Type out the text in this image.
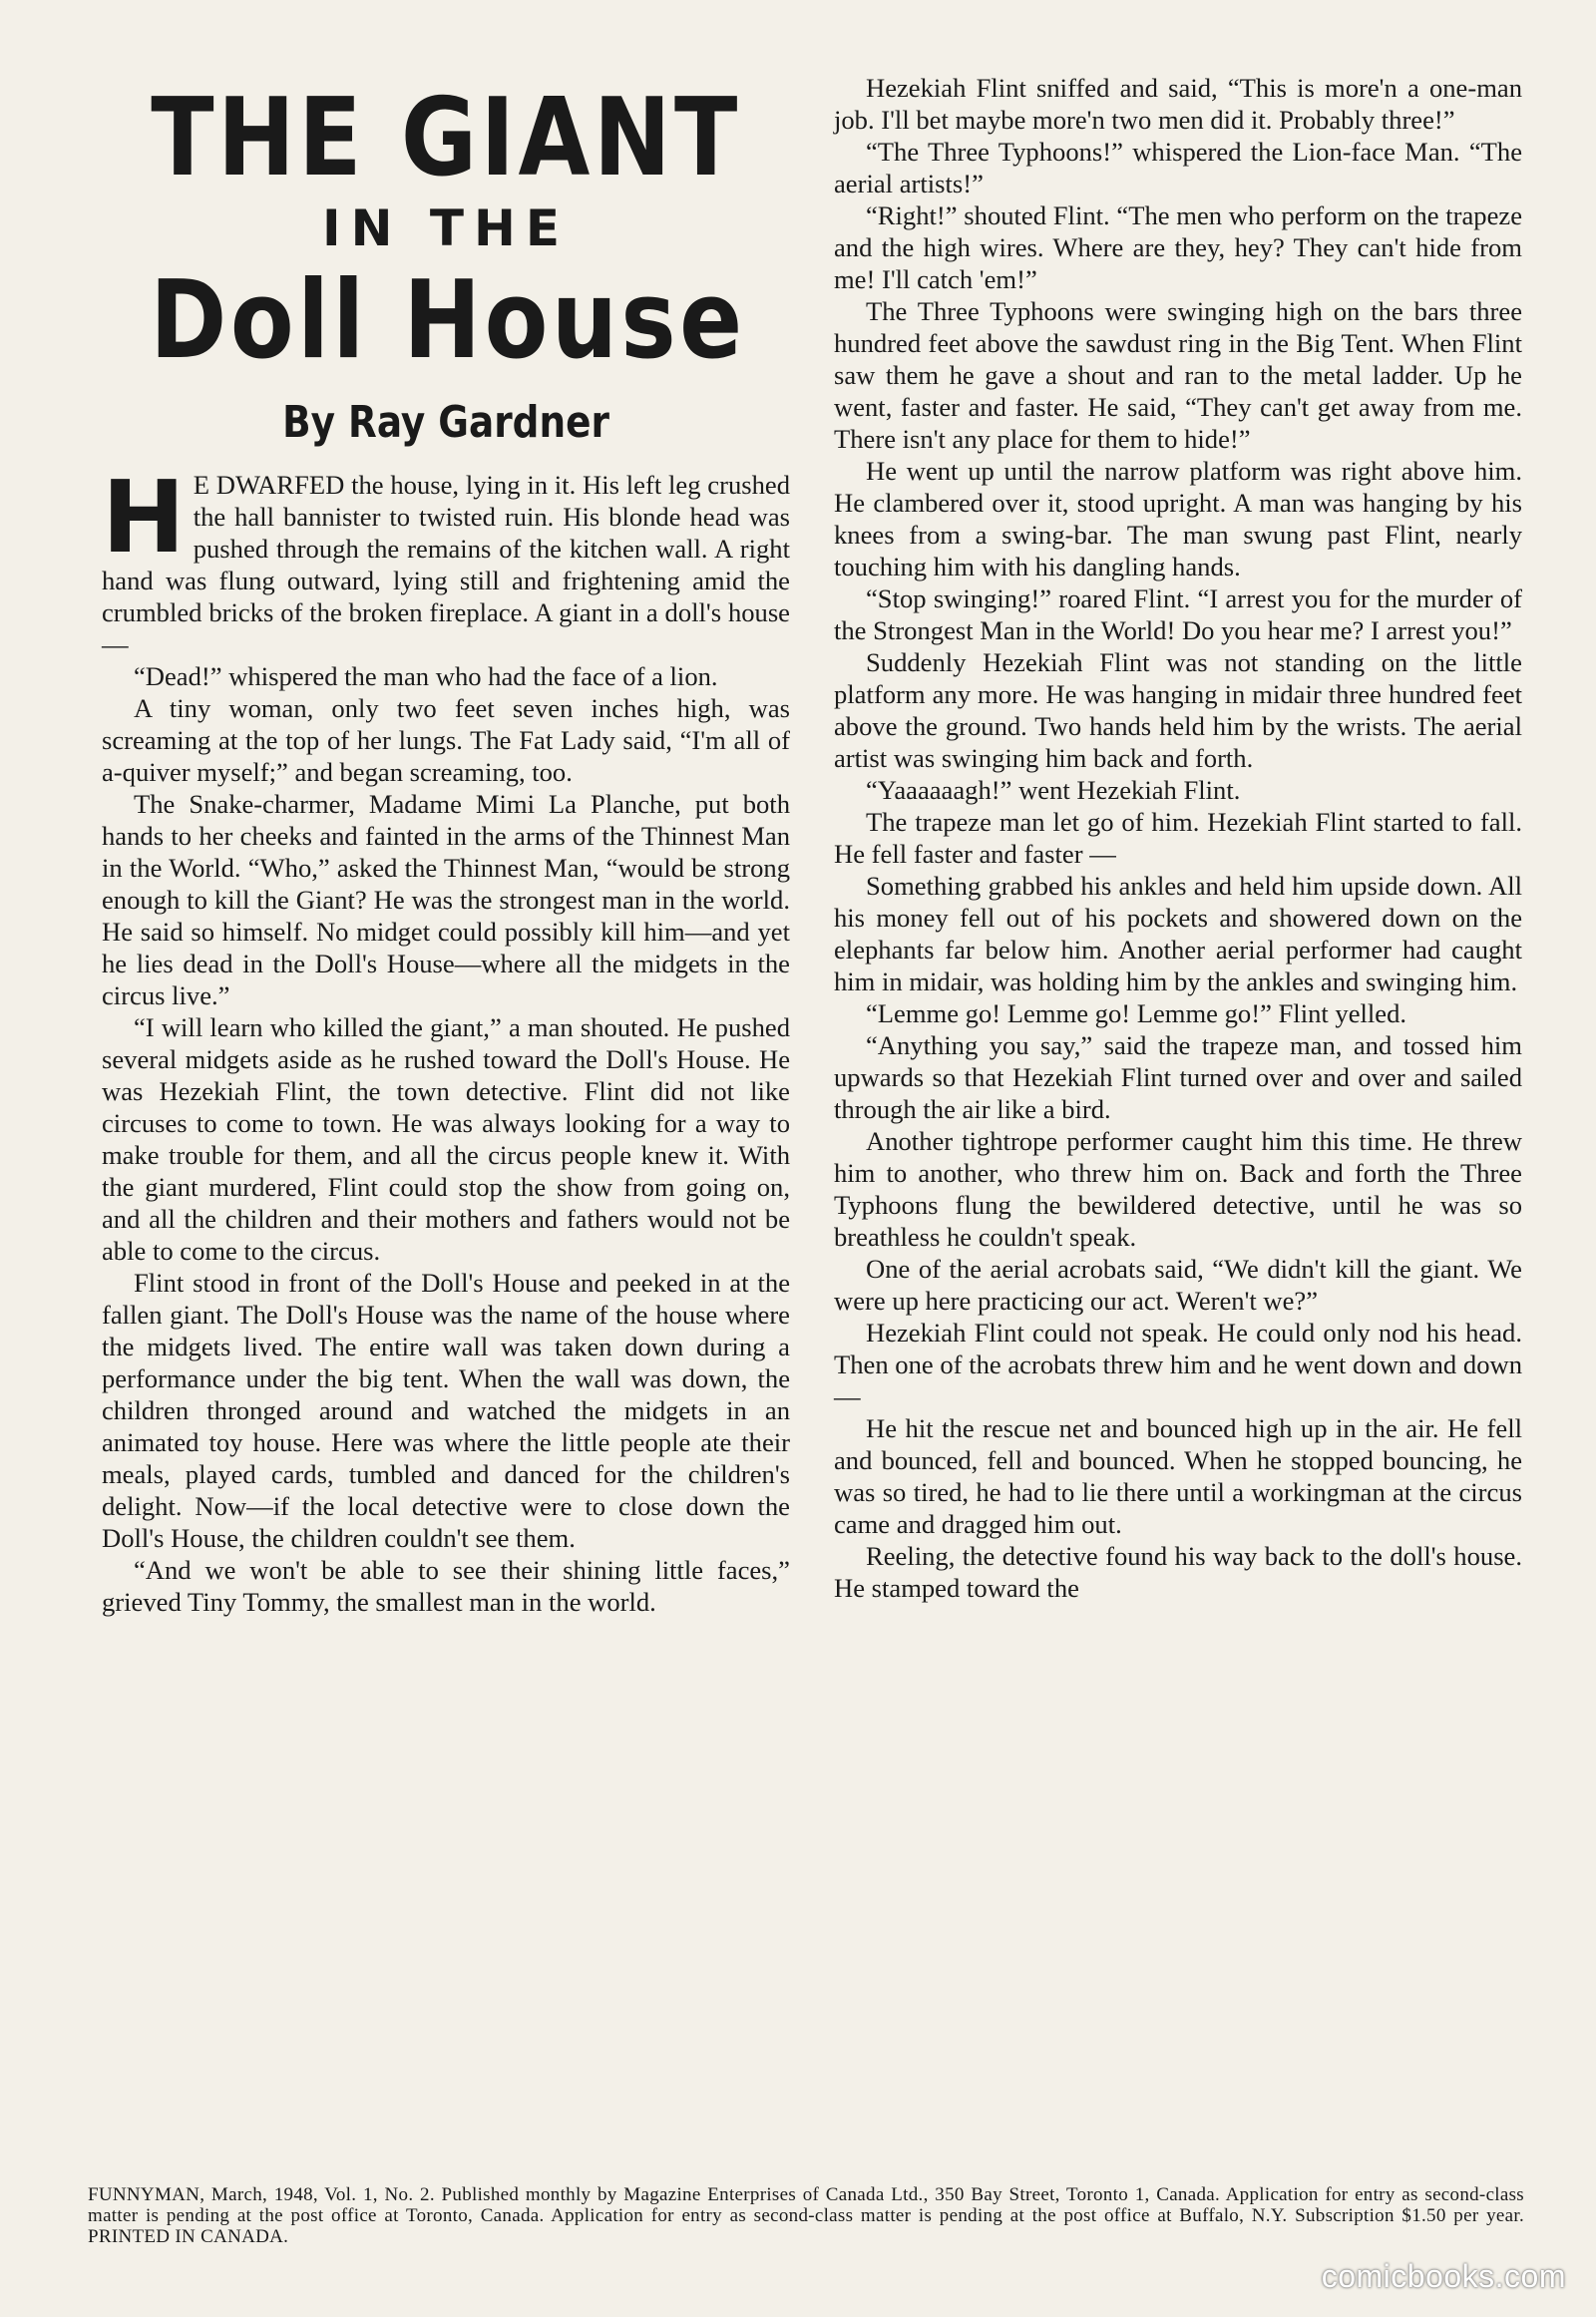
THE GIANT
IN THE
Doll House
By Ray Gardner

H E DWARFED the house, lying in it. His left leg crushed the hall bannister to twisted ruin. His blonde head was pushed through the remains of the kitchen wall. A right hand was flung outward, lying still and frightening amid the crumbled bricks of the broken fireplace. A giant in a doll's house —

“Dead!” whispered the man who had the face of a lion.

A tiny woman, only two feet seven inches high, was screaming at the top of her lungs. The Fat Lady said, “I'm all of a-quiver myself;” and began screaming, too.

The Snake-charmer, Madame Mimi La Planche, put both hands to her cheeks and fainted in the arms of the Thinnest Man in the World. “Who,” asked the Thinnest Man, “would be strong enough to kill the Giant? He was the strongest man in the world. He said so himself. No midget could possibly kill him—and yet he lies dead in the Doll's House—where all the midgets in the circus live.”

“I will learn who killed the giant,” a man shouted. He pushed several midgets aside as he rushed toward the Doll's House. He was Hezekiah Flint, the town detective. Flint did not like circuses to come to town. He was always looking for a way to make trouble for them, and all the circus people knew it. With the giant murdered, Flint could stop the show from going on, and all the children and their mothers and fathers would not be able to come to the circus.

Flint stood in front of the Doll's House and peeked in at the fallen giant. The Doll's House was the name of the house where the midgets lived. The entire wall was taken down during a performance under the big tent. When the wall was down, the children thronged around and watched the midgets in an animated toy house. Here was where the little people ate their meals, played cards, tumbled and danced for the children's delight. Now—if the local detective were to close down the Doll's House, the children couldn't see them.

“And we won't be able to see their shining little faces,” grieved Tiny Tommy, the smallest man in the world.

Hezekiah Flint sniffed and said, “This is more'n a one-man job. I'll bet maybe more'n two men did it. Probably three!”

“The Three Typhoons!” whispered the Lion-face Man. “The aerial artists!”

“Right!” shouted Flint. “The men who perform on the trapeze and the high wires. Where are they, hey? They can't hide from me! I'll catch 'em!”

The Three Typhoons were swinging high on the bars three hundred feet above the sawdust ring in the Big Tent. When Flint saw them he gave a shout and ran to the metal ladder. Up he went, faster and faster. He said, “They can't get away from me. There isn't any place for them to hide!”

He went up until the narrow platform was right above him. He clambered over it, stood upright. A man was hanging by his knees from a swing-bar. The man swung past Flint, nearly touching him with his dangling hands.

“Stop swinging!” roared Flint. “I arrest you for the murder of the Strongest Man in the World! Do you hear me? I arrest you!”

Suddenly Hezekiah Flint was not standing on the little platform any more. He was hanging in midair three hundred feet above the ground. Two hands held him by the wrists. The aerial artist was swinging him back and forth.

“Yaaaaaagh!” went Hezekiah Flint.

The trapeze man let go of him. Hezekiah Flint started to fall. He fell faster and faster —

Something grabbed his ankles and held him upside down. All his money fell out of his pockets and showered down on the elephants far below him. Another aerial performer had caught him in midair, was holding him by the ankles and swinging him.

“Lemme go! Lemme go! Lemme go!” Flint yelled.

“Anything you say,” said the trapeze man, and tossed him upwards so that Hezekiah Flint turned over and over and sailed through the air like a bird.

Another tightrope performer caught him this time. He threw him to another, who threw him on. Back and forth the Three Typhoons flung the bewildered detective, until he was so breathless he couldn't speak.

One of the aerial acrobats said, “We didn't kill the giant. We were up here practicing our act. Weren't we?”

Hezekiah Flint could not speak. He could only nod his head. Then one of the acrobats threw him and he went down and down —

He hit the rescue net and bounced high up in the air. He fell and bounced, fell and bounced. When he stopped bouncing, he was so tired, he had to lie there until a workingman at the circus came and dragged him out.

Reeling, the detective found his way back to the doll's house. He stamped toward the

FUNNYMAN, March, 1948, Vol. 1, No. 2. Published monthly by Magazine Enterprises of Canada Ltd., 350 Bay Street, Toronto 1, Canada. Application for entry as second-class matter is pending at the post office at Toronto, Canada. Application for entry as second-class matter is pending at the post office at Buffalo, N.Y. Subscription $1.50 per year. PRINTED IN CANADA.
comicbooks.com
